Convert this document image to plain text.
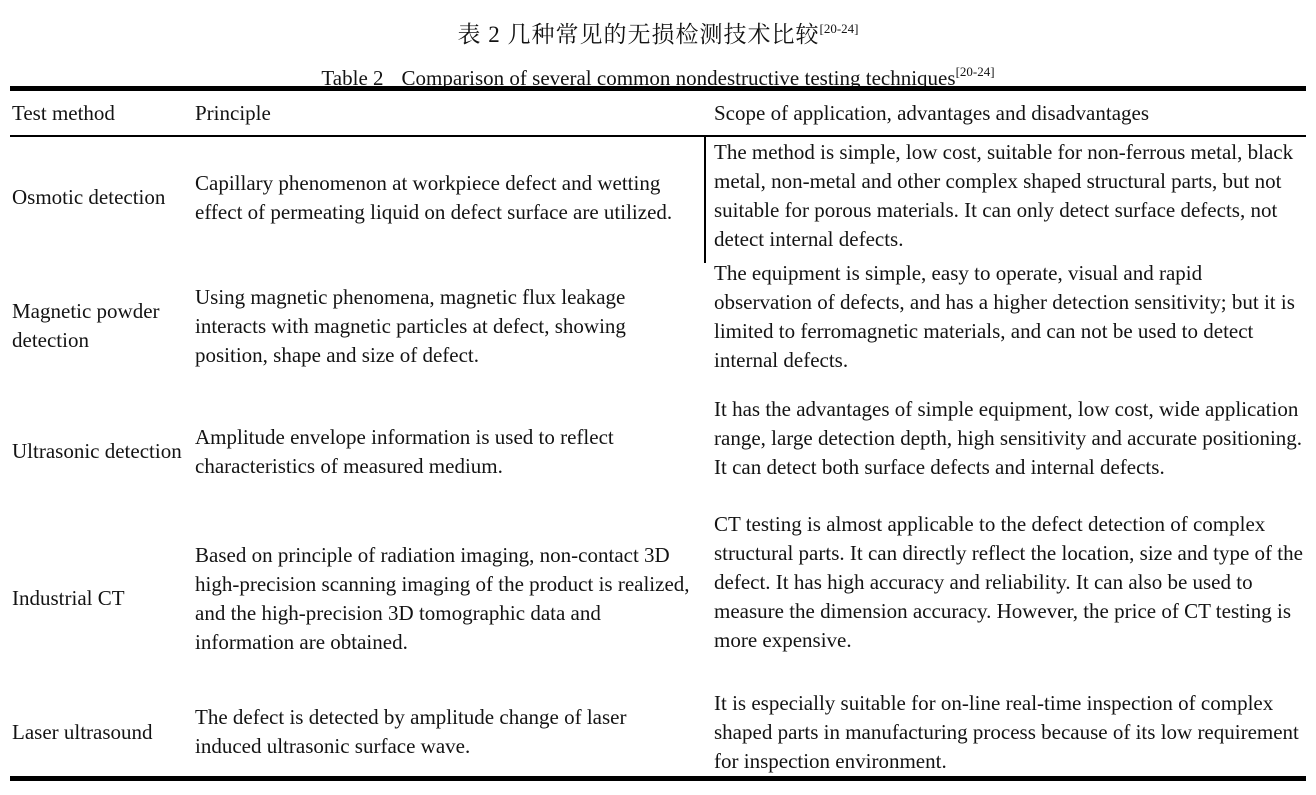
表 2 几种常见的无损检测技术比较[20-24]
Table 2 Comparison of several common nondestructive testing techniques[20-24]
Test method	Principle	Scope of application, advantages and disadvantages
Osmotic detection
Capillary phenomenon at workpiece defect and wetting effect of permeating liquid on defect surface are utilized.
The method is simple, low cost, suitable for non-ferrous metal, black metal, non-metal and other complex shaped structural parts, but not suitable for porous materials. It can only detect surface defects, not detect internal defects.
Magnetic powder detection
Using magnetic phenomena, magnetic flux leakage interacts with magnetic particles at defect, showing position, shape and size of defect.
The equipment is simple, easy to operate, visual and rapid observation of defects, and has a higher detection sensitivity; but it is limited to ferromagnetic materials, and can not be used to detect internal defects.
Ultrasonic detection
Amplitude envelope information is used to reflect characteristics of measured medium.
It has the advantages of simple equipment, low cost, wide application range, large detection depth, high sensitivity and accurate positioning. It can detect both surface defects and internal defects.
Industrial CT
Based on principle of radiation imaging, non-contact 3D high-precision scanning imaging of the product is realized, and the high-precision 3D tomographic data and information are obtained.
CT testing is almost applicable to the defect detection of complex structural parts. It can directly reflect the location, size and type of the defect. It has high accuracy and reliability. It can also be used to measure the dimension accuracy. However, the price of CT testing is more expensive.
Laser ultrasound
The defect is detected by amplitude change of laser induced ultrasonic surface wave.
It is especially suitable for on-line real-time inspection of complex shaped parts in manufacturing process because of its low requirement for inspection environment.
